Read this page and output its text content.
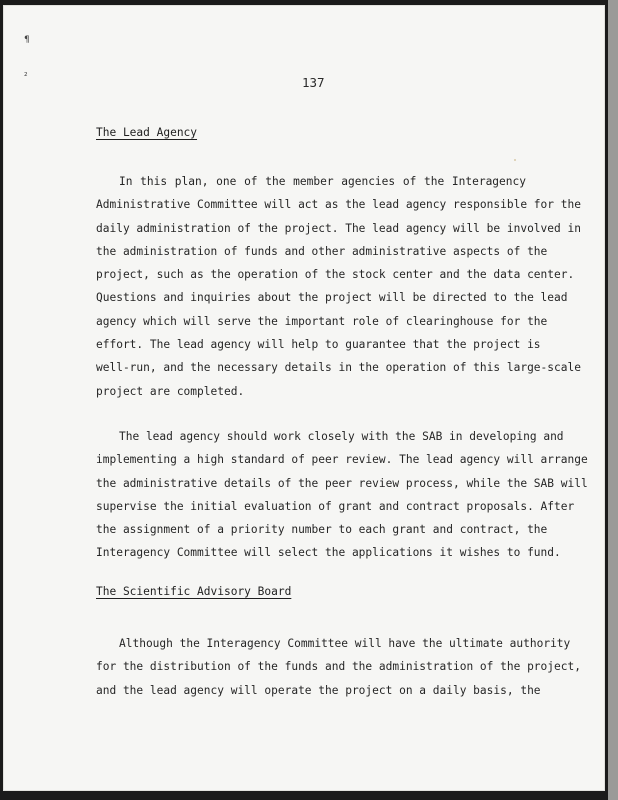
¶
²	137
The Lead Agency
In this plan, one of the member agencies of the Interagency
Administrative Committee will act as the lead agency responsible for the
daily administration of the project. The lead agency will be involved in
the administration of funds and other administrative aspects of the
project, such as the operation of the stock center and the data center.
Questions and inquiries about the project will be directed to the lead
agency which will serve the important role of clearinghouse for the
effort. The lead agency will help to guarantee that the project is
well-run, and the necessary details in the operation of this large-scale
project are completed.
The lead agency should work closely with the SAB in developing and
implementing a high standard of peer review. The lead agency will arrange
the administrative details of the peer review process, while the SAB will
supervise the initial evaluation of grant and contract proposals. After
the assignment of a priority number to each grant and contract, the
Interagency Committee will select the applications it wishes to fund.
The Scientific Advisory Board
Although the Interagency Committee will have the ultimate authority
for the distribution of the funds and the administration of the project,
and the lead agency will operate the project on a daily basis, the
